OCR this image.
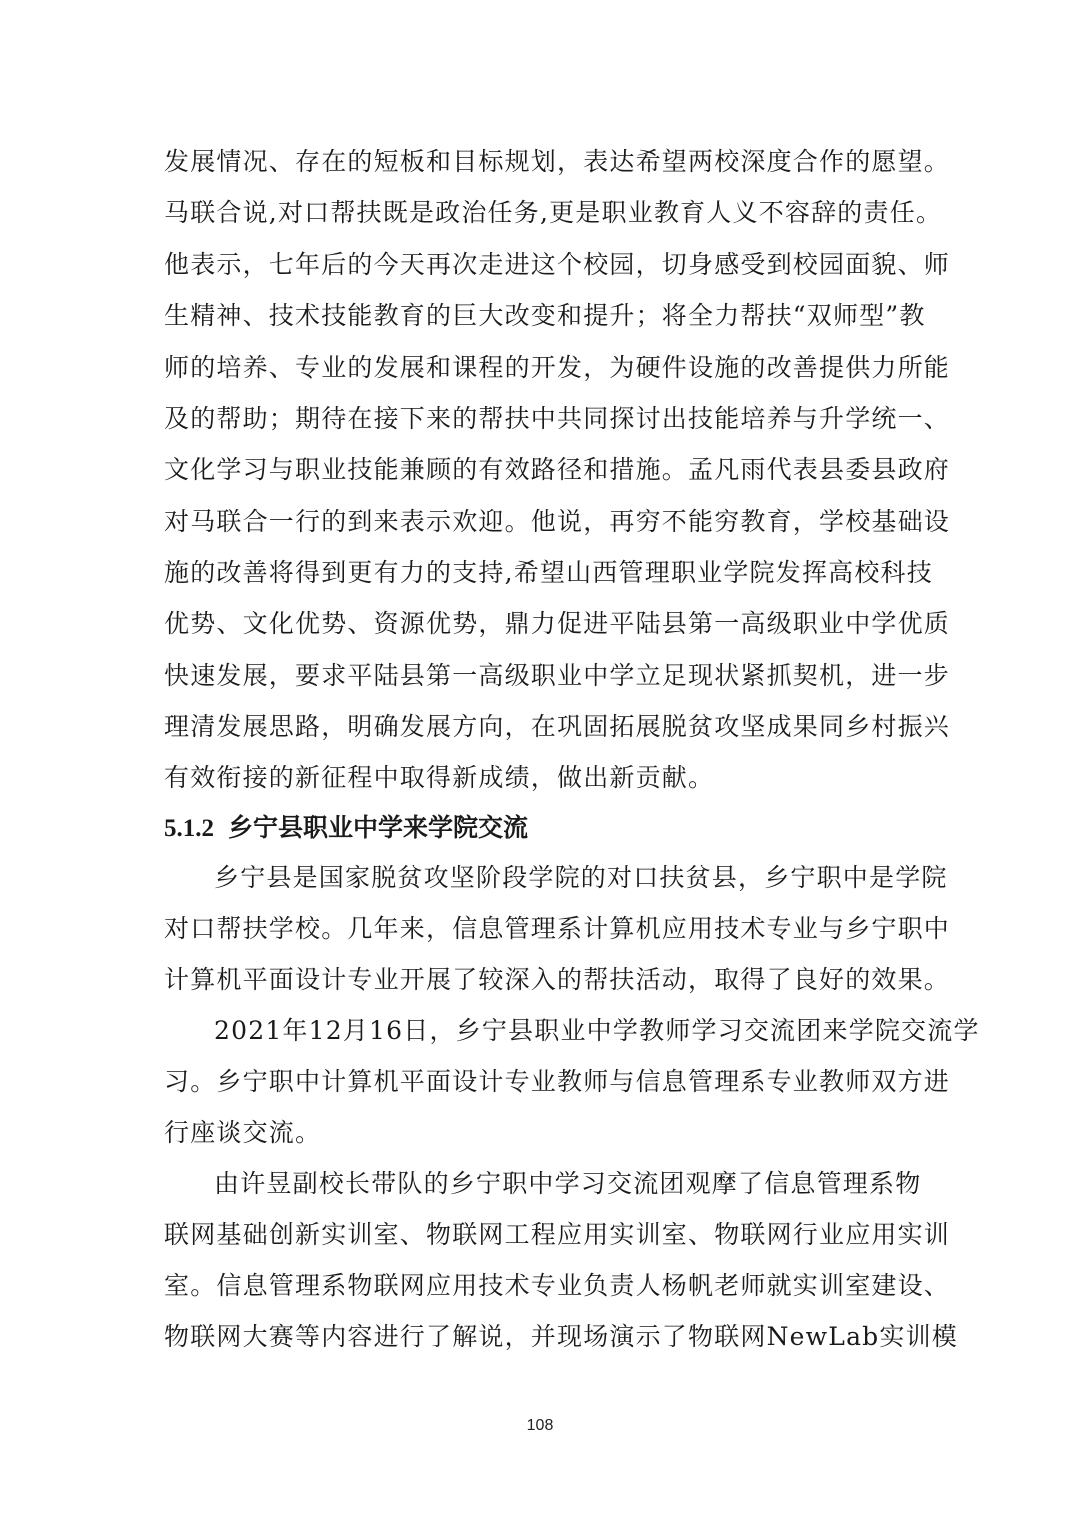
发展情况、存在的短板和目标规划，表达希望两校深度合作的愿望。
马联合说,对口帮扶既是政治任务,更是职业教育人义不容辞的责任。
他表示，七年后的今天再次走进这个校园，切身感受到校园面貌、师
生精神、技术技能教育的巨大改变和提升；将全力帮扶“双师型”教
师的培养、专业的发展和课程的开发，为硬件设施的改善提供力所能
及的帮助；期待在接下来的帮扶中共同探讨出技能培养与升学统一、
文化学习与职业技能兼顾的有效路径和措施。孟凡雨代表县委县政府
对马联合一行的到来表示欢迎。他说，再穷不能穷教育，学校基础设
施的改善将得到更有力的支持,希望山西管理职业学院发挥高校科技
优势、文化优势、资源优势，鼎力促进平陆县第一高级职业中学优质
快速发展，要求平陆县第一高级职业中学立足现状紧抓契机，进一步
理清发展思路，明确发展方向，在巩固拓展脱贫攻坚成果同乡村振兴
有效衔接的新征程中取得新成绩，做出新贡献。
5.1.2 乡宁县职业中学来学院交流
乡宁县是国家脱贫攻坚阶段学院的对口扶贫县，乡宁职中是学院
对口帮扶学校。几年来，信息管理系计算机应用技术专业与乡宁职中
计算机平面设计专业开展了较深入的帮扶活动，取得了良好的效果。
2021年12月16日，乡宁县职业中学教师学习交流团来学院交流学
习。乡宁职中计算机平面设计专业教师与信息管理系专业教师双方进
行座谈交流。
由许昱副校长带队的乡宁职中学习交流团观摩了信息管理系物
联网基础创新实训室、物联网工程应用实训室、物联网行业应用实训
室。信息管理系物联网应用技术专业负责人杨帆老师就实训室建设、
物联网大赛等内容进行了解说，并现场演示了物联网NewLab实训模
108
